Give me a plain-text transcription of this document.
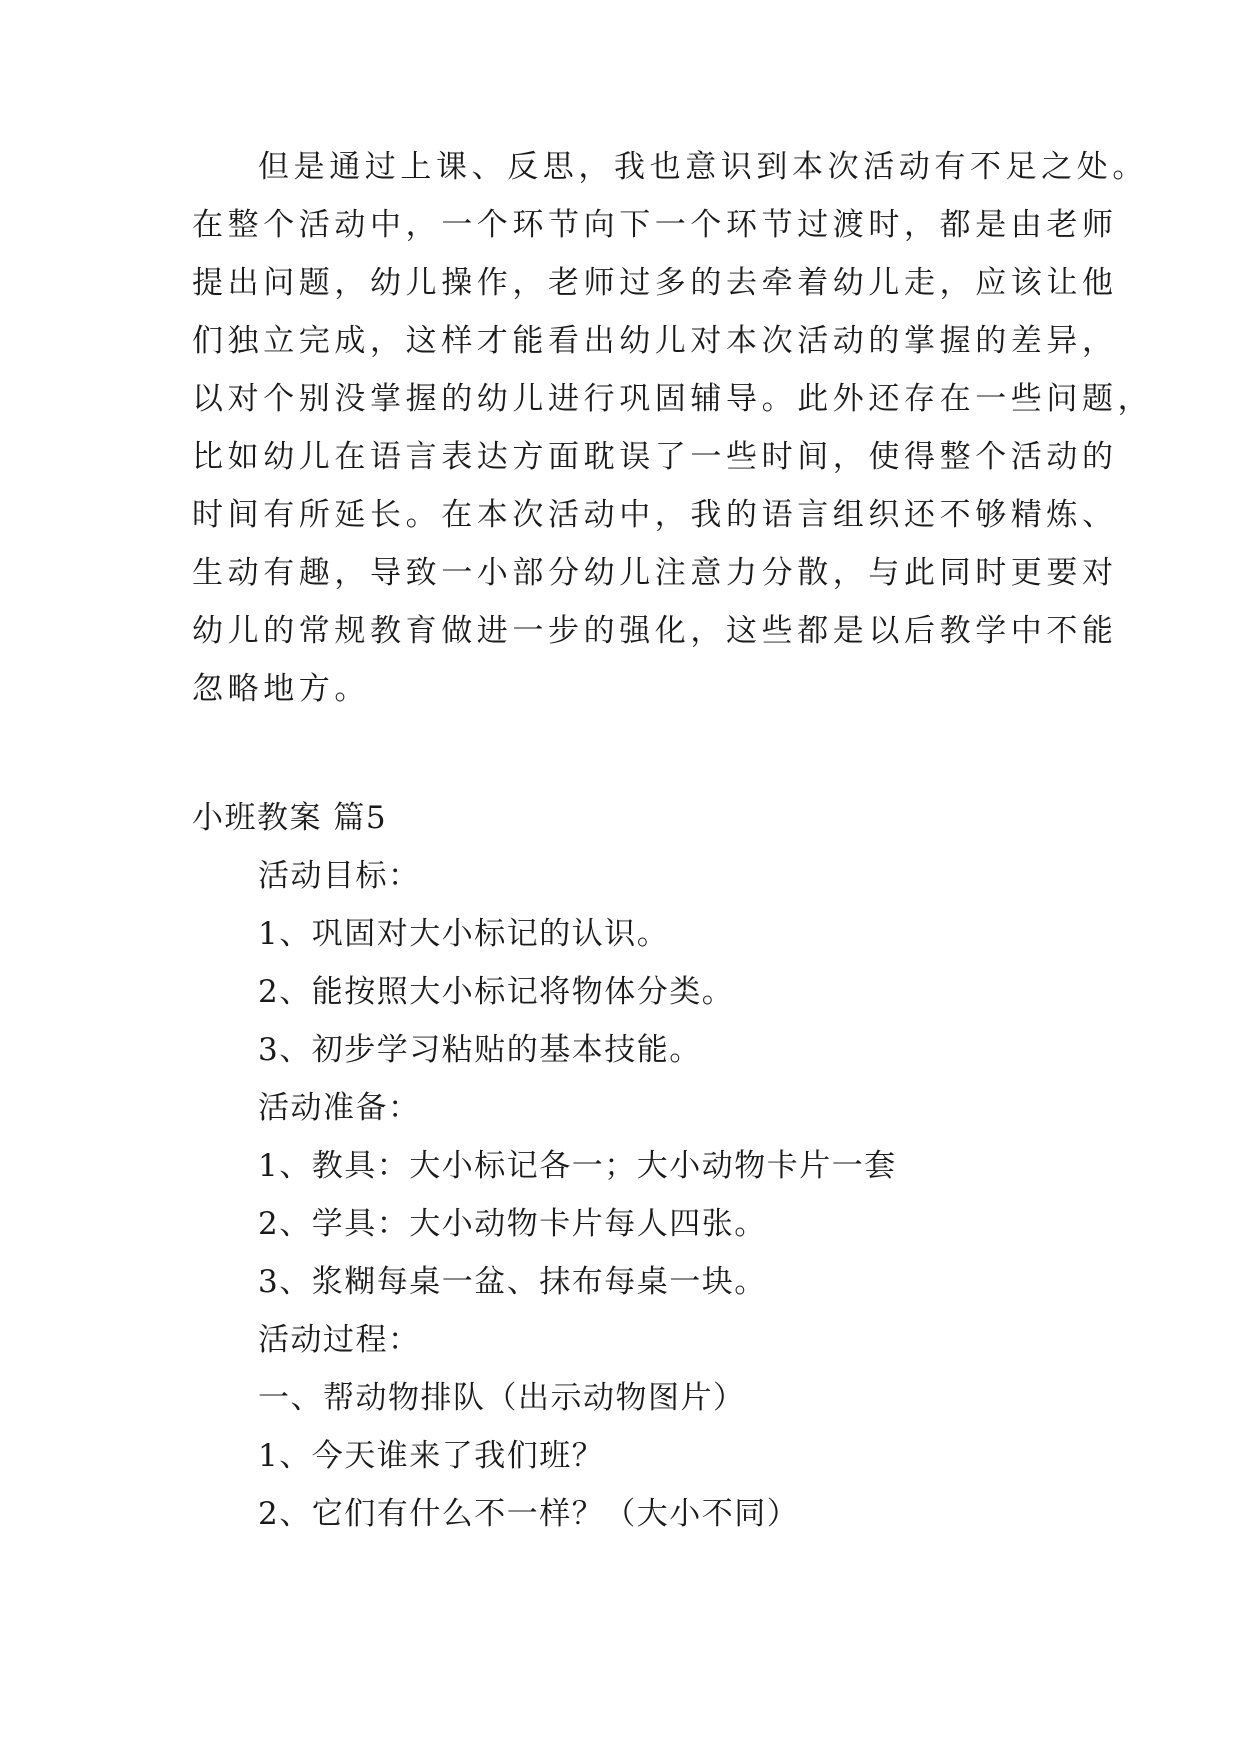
但是通过上课、反思，我也意识到本次活动有不足之处。
在整个活动中，一个环节向下一个环节过渡时，都是由老师
提出问题，幼儿操作，老师过多的去牵着幼儿走，应该让他
们独立完成，这样才能看出幼儿对本次活动的掌握的差异，
以对个别没掌握的幼儿进行巩固辅导。此外还存在一些问题，
比如幼儿在语言表达方面耽误了一些时间，使得整个活动的
时间有所延长。在本次活动中，我的语言组织还不够精炼、
生动有趣，导致一小部分幼儿注意力分散，与此同时更要对
幼儿的常规教育做进一步的强化，这些都是以后教学中不能
忽略地方。
小班教案 篇5
活动目标：
1、巩固对大小标记的认识。
2、能按照大小标记将物体分类。
3、初步学习粘贴的基本技能。
活动准备：
1、教具：大小标记各一；大小动物卡片一套
2、学具：大小动物卡片每人四张。
3、浆糊每桌一盆、抹布每桌一块。
活动过程：
一、帮动物排队（出示动物图片）
1、今天谁来了我们班？
2、它们有什么不一样？（大小不同）
